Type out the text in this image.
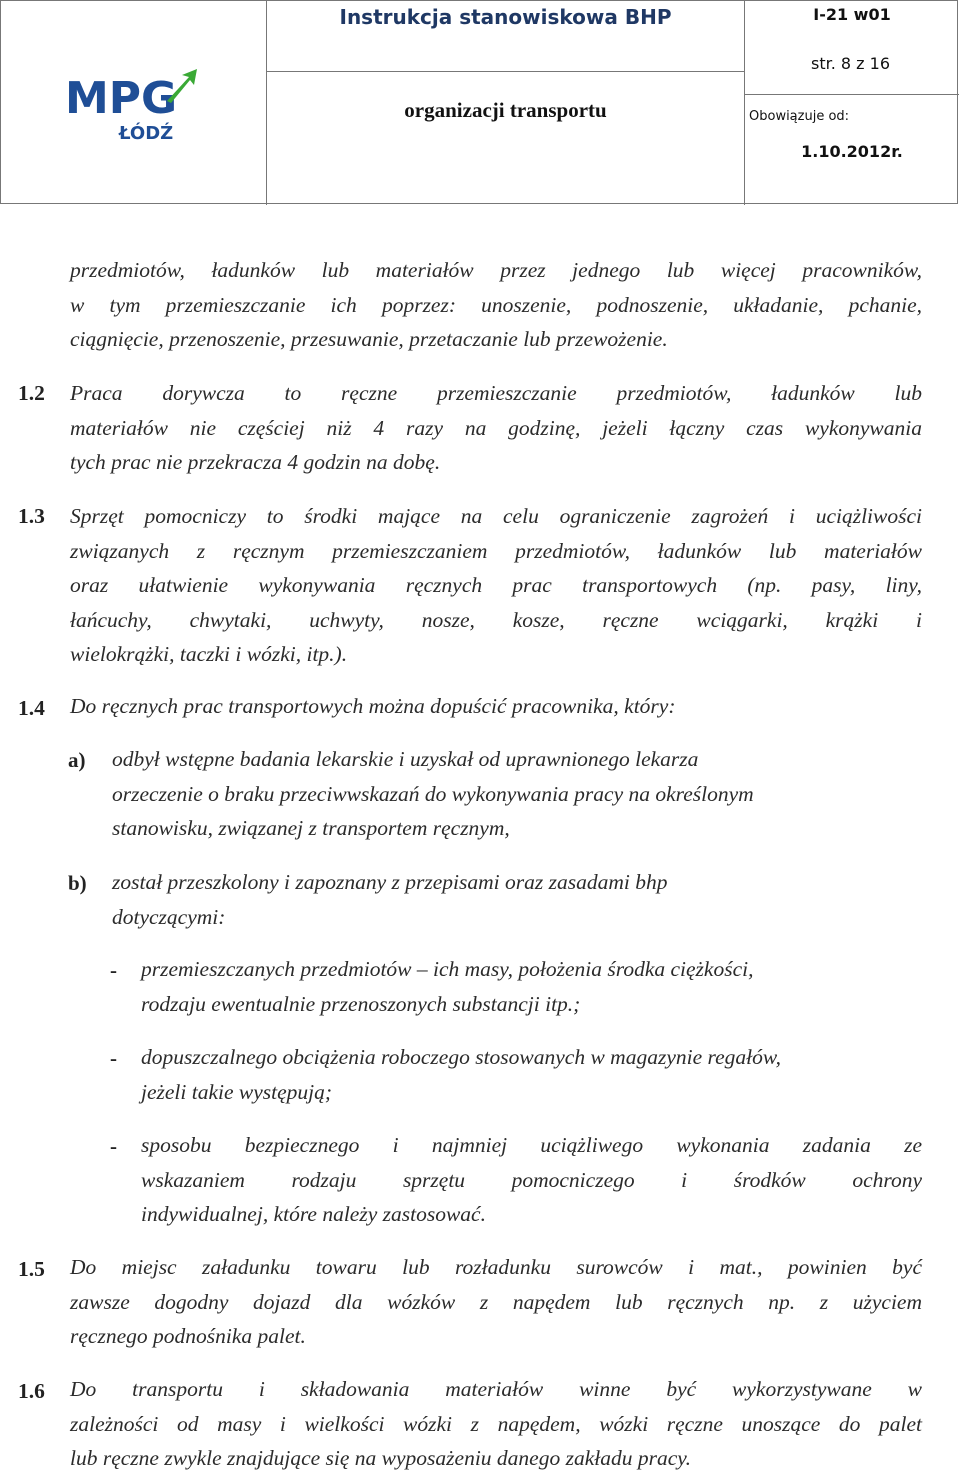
MPG
ŁÓDŹ
Instrukcja stanowiskowa BHP
organizacji transportu
I-21 w01
str. 8 z 16
Obowiązuje od:
1.10.2012r.
przedmiotów, ładunków lub materiałów przez jednego lub więcej pracowników,
w tym przemieszczanie ich poprzez: unoszenie, podnoszenie, układanie, pchanie,
ciągnięcie, przenoszenie, przesuwanie, przetaczanie lub przewożenie.
1.2 Praca dorywcza to ręczne przemieszczanie przedmiotów, ładunków lub
materiałów nie częściej niż 4 razy na godzinę, jeżeli łączny czas wykonywania
tych prac nie przekracza 4 godzin na dobę.
1.3 Sprzęt pomocniczy to środki mające na celu ograniczenie zagrożeń i uciążliwości
związanych z ręcznym przemieszczaniem przedmiotów, ładunków lub materiałów
oraz ułatwienie wykonywania ręcznych prac transportowych (np. pasy, liny,
łańcuchy, chwytaki, uchwyty, nosze, kosze, ręczne wciągarki, krążki i
wielokrążki, taczki i wózki, itp.).
1.4 Do ręcznych prac transportowych można dopuścić pracownika, który:
a) odbył wstępne badania lekarskie i uzyskał od uprawnionego lekarza
orzeczenie o braku przeciwwskazań do wykonywania pracy na określonym
stanowisku, związanej z transportem ręcznym,
b) został przeszkolony i zapoznany z przepisami oraz zasadami bhp
dotyczącymi:
- przemieszczanych przedmiotów – ich masy, położenia środka ciężkości,
rodzaju ewentualnie przenoszonych substancji itp.;
- dopuszczalnego obciążenia roboczego stosowanych w magazynie regałów,
jeżeli takie występują;
- sposobu bezpiecznego i najmniej uciążliwego wykonania zadania ze
wskazaniem rodzaju sprzętu pomocniczego i środków ochrony
indywidualnej, które należy zastosować.
1.5 Do miejsc załadunku towaru lub rozładunku surowców i mat., powinien być
zawsze dogodny dojazd dla wózków z napędem lub ręcznych np. z użyciem
ręcznego podnośnika palet.
1.6 Do transportu i składowania materiałów winne być wykorzystywane w
zależności od masy i wielkości wózki z napędem, wózki ręczne unoszące do palet
lub ręczne zwykle znajdujące się na wyposażeniu danego zakładu pracy.
